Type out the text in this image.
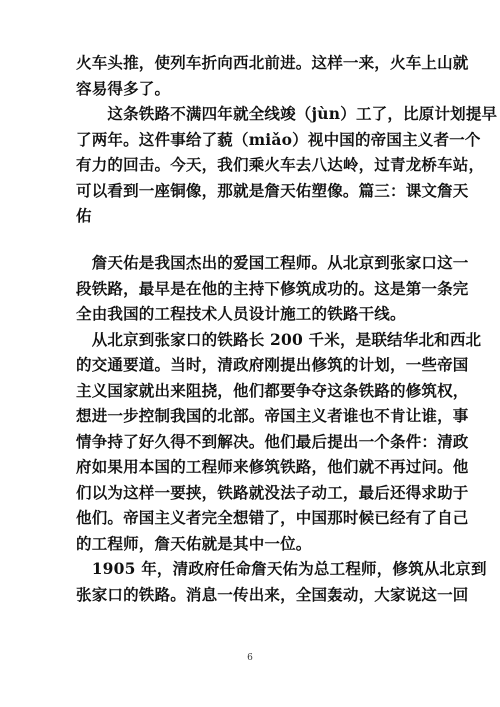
火车头推，使列车折向西北前进。这样一来，火车上山就
容易得多了。
　　这条铁路不满四年就全线竣（jùn）工了，比原计划提早
了两年。这件事给了藐（miǎo）视中国的帝国主义者一个
有力的回击。今天，我们乘火车去八达岭，过青龙桥车站，
可以看到一座铜像，那就是詹天佑塑像。篇三：课文詹天
佑
　詹天佑是我国杰出的爱国工程师。从北京到张家口这一
段铁路，最早是在他的主持下修筑成功的。这是第一条完
全由我国的工程技术人员设计施工的铁路干线。
　从北京到张家口的铁路长 200 千米，是联结华北和西北
的交通要道。当时，清政府刚提出修筑的计划，一些帝国
主义国家就出来阻挠，他们都要争夺这条铁路的修筑权，
想进一步控制我国的北部。帝国主义者谁也不肯让谁，事
情争持了好久得不到解决。他们最后提出一个条件：清政
府如果用本国的工程师来修筑铁路，他们就不再过问。他
们以为这样一要挟，铁路就没法子动工，最后还得求助于
他们。帝国主义者完全想错了，中国那时候已经有了自己
的工程师，詹天佑就是其中一位。
　1905 年，清政府任命詹天佑为总工程师，修筑从北京到
张家口的铁路。消息一传出来，全国轰动，大家说这一回
6
